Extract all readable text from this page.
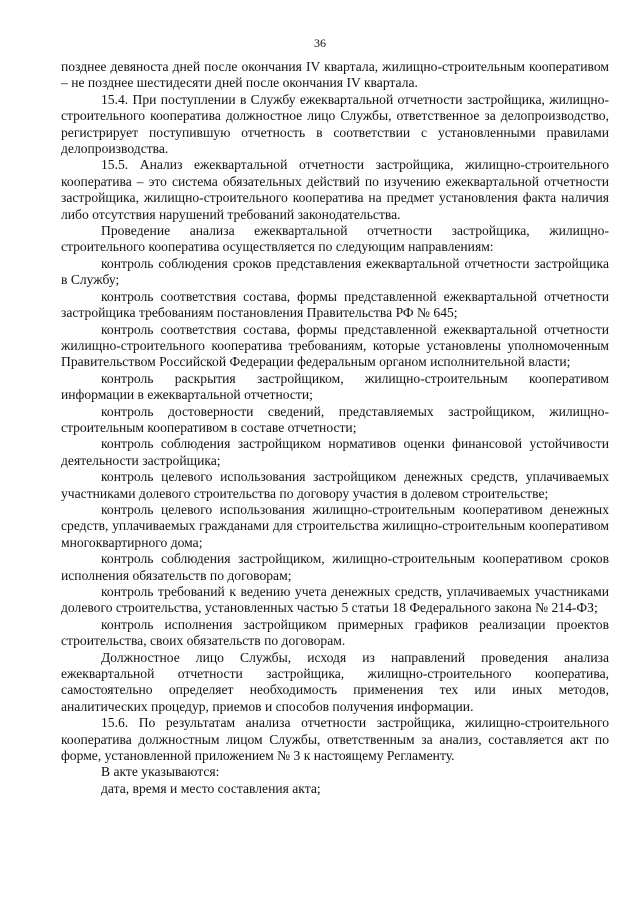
36

позднее девяноста дней после окончания IV квартала, жилищно-строительным кооперативом – не позднее шестидесяти дней после окончания IV квартала.

15.4. При поступлении в Службу ежеквартальной отчетности застройщика, жилищно-строительного кооператива должностное лицо Службы, ответственное за делопроизводство, регистрирует поступившую отчетность в соответствии с установленными правилами делопроизводства.

15.5. Анализ ежеквартальной отчетности застройщика, жилищно-строительного кооператива – это система обязательных действий по изучению ежеквартальной отчетности застройщика, жилищно-строительного кооператива на предмет установления факта наличия либо отсутствия нарушений требований законодательства.

Проведение анализа ежеквартальной отчетности застройщика, жилищно-строительного кооператива осуществляется по следующим направлениям:

контроль соблюдения сроков представления ежеквартальной отчетности застройщика в Службу;

контроль соответствия состава, формы представленной ежеквартальной отчетности застройщика требованиям постановления Правительства РФ № 645;

контроль соответствия состава, формы представленной ежеквартальной отчетности жилищно-строительного кооператива требованиям, которые установлены уполномоченным Правительством Российской Федерации федеральным органом исполнительной власти;

контроль раскрытия застройщиком, жилищно-строительным кооперативом информации в ежеквартальной отчетности;

контроль достоверности сведений, представляемых застройщиком, жилищно-строительным кооперативом в составе отчетности;

контроль соблюдения застройщиком нормативов оценки финансовой устойчивости деятельности застройщика;

контроль целевого использования застройщиком денежных средств, уплачиваемых участниками долевого строительства по договору участия в долевом строительстве;

контроль целевого использования жилищно-строительным кооперативом денежных средств, уплачиваемых гражданами для строительства жилищно-строительным кооперативом многоквартирного дома;

контроль соблюдения застройщиком, жилищно-строительным кооперативом сроков исполнения обязательств по договорам;

контроль требований к ведению учета денежных средств, уплачиваемых участниками долевого строительства, установленных частью 5 статьи 18 Федерального закона № 214-ФЗ;

контроль исполнения застройщиком примерных графиков реализации проектов строительства, своих обязательств по договорам.

Должностное лицо Службы, исходя из направлений проведения анализа ежеквартальной отчетности застройщика, жилищно-строительного кооператива, самостоятельно определяет необходимость применения тех или иных методов, аналитических процедур, приемов и способов получения информации.

15.6. По результатам анализа отчетности застройщика, жилищно-строительного кооператива должностным лицом Службы, ответственным за анализ, составляется акт по форме, установленной приложением № 3 к настоящему Регламенту.

В акте указываются:

дата, время и место составления акта;
